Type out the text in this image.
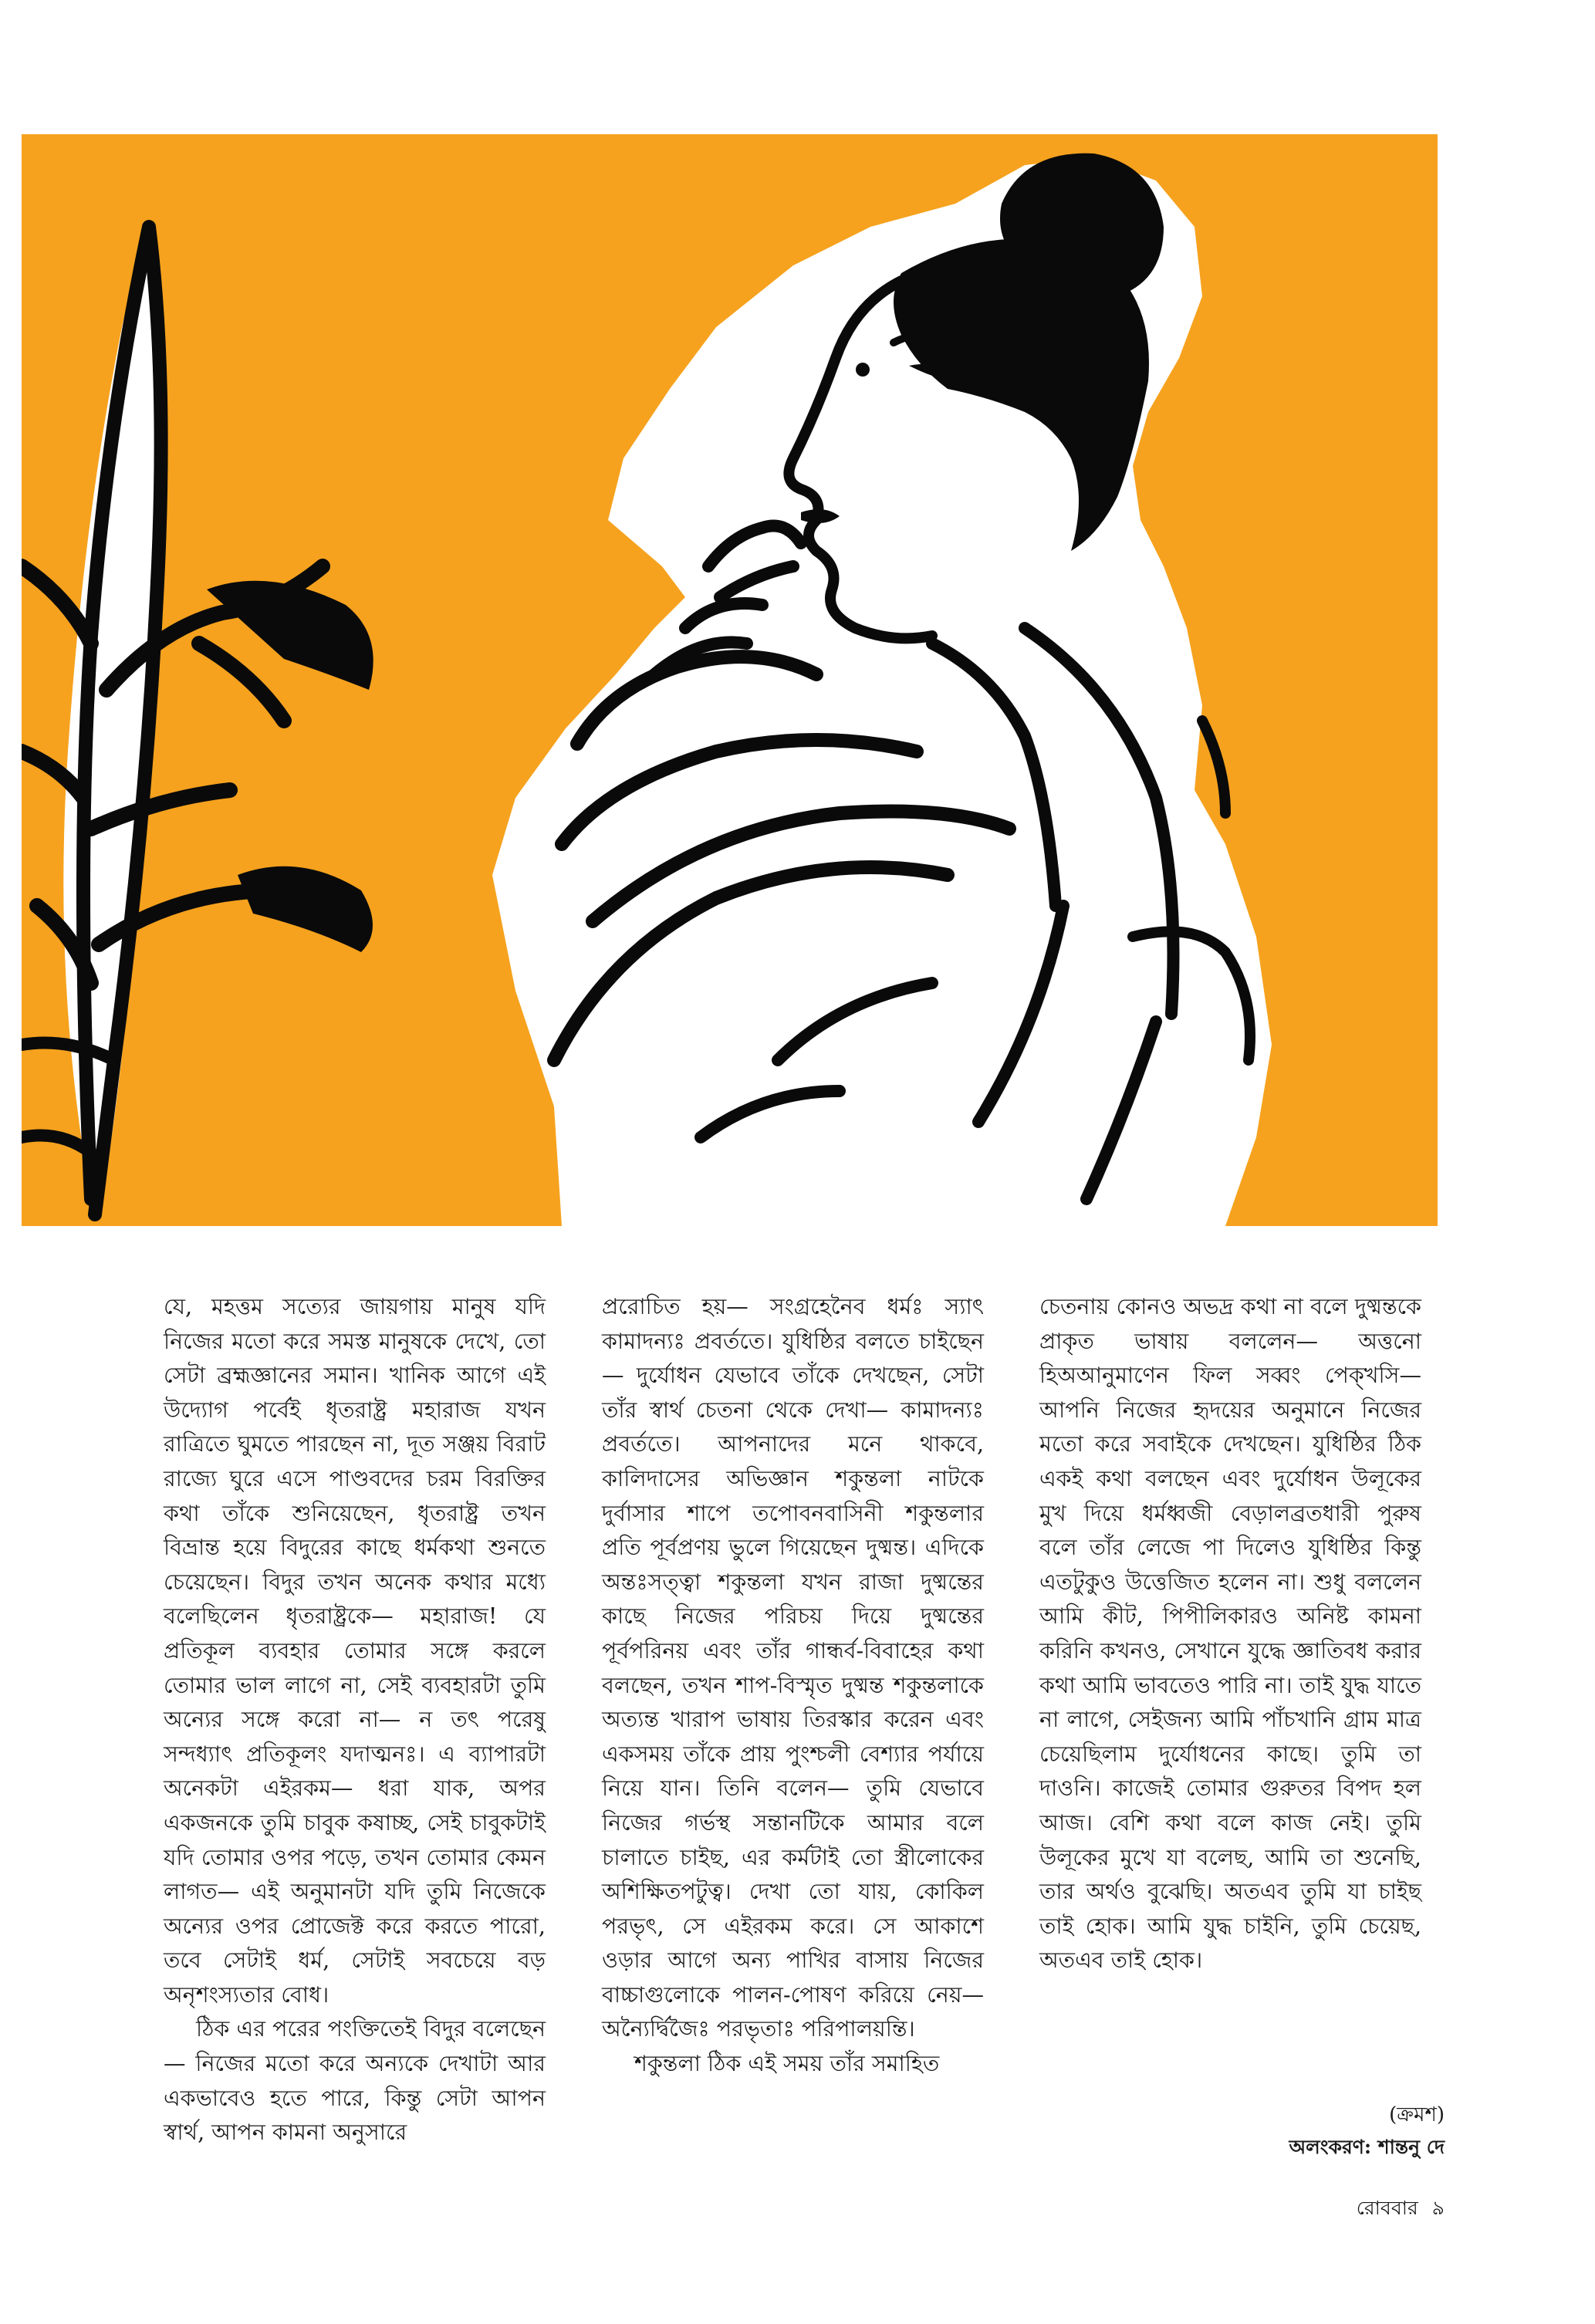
যে, মহত্তম সত্যের জায়গায় মানুষ যদি নিজের মতো করে সমস্ত মানুষকে দেখে, তো সেটা ব্রহ্মজ্ঞানের সমান। খানিক আগে এই উদ্যোগ পর্বেই ধৃতরাষ্ট্র মহারাজ যখন রাত্রিতে ঘুমতে পারছেন না, দূত সঞ্জয় বিরাট রাজ্যে ঘুরে এসে পাণ্ডবদের চরম বিরক্তির কথা তাঁকে শুনিয়েছেন, ধৃতরাষ্ট্র তখন বিভ্রান্ত হয়ে বিদুরের কাছে ধর্মকথা শুনতে চেয়েছেন। বিদুর তখন অনেক কথার মধ্যে বলেছিলেন ধৃতরাষ্ট্রকে— মহারাজ! যে প্রতিকূল ব্যবহার তোমার সঙ্গে করলে তোমার ভাল লাগে না, সেই ব্যবহারটা তুমি অন্যের সঙ্গে করো না— ন তৎ পরেষু সন্দধ্যাৎ প্রতিকূলং যদাত্মনঃ। এ ব্যাপারটা অনেকটা এইরকম— ধরা যাক, অপর একজনকে তুমি চাবুক কষাচ্ছ, সেই চাবুকটাই যদি তোমার ওপর পড়ে, তখন তোমার কেমন লাগত— এই অনুমানটা যদি তুমি নিজেকে অন্যের ওপর প্রোজেক্ট করে করতে পারো, তবে সেটাই ধর্ম, সেটাই সবচেয়ে বড় অনৃশংস্যতার বোধ।

ঠিক এর পরের পংক্তিতেই বিদুর বলেছেন— নিজের মতো করে অন্যকে দেখাটা আর একভাবেও হতে পারে, কিন্তু সেটা আপন স্বার্থ, আপন কামনা অনুসারে

প্ররোচিত হয়— সংগ্রহেনৈব ধর্মঃ স্যাৎ কামাদন্যঃ প্রবর্ততে। যুধিষ্ঠির বলতে চাইছেন— দুর্যোধন যেভাবে তাঁকে দেখছেন, সেটা তাঁর স্বার্থ চেতনা থেকে দেখা— কামাদন্যঃ প্রবর্ততে। আপনাদের মনে থাকবে, কালিদাসের অভিজ্ঞান শকুন্তলা নাটকে দুর্বাসার শাপে তপোবনবাসিনী শকুন্তলার প্রতি পূর্বপ্রণয় ভুলে গিয়েছেন দুষ্মন্ত। এদিকে অন্তঃসত্ত্বা শকুন্তলা যখন রাজা দুষ্মন্তের কাছে নিজের পরিচয় দিয়ে দুষ্মন্তের পূর্বপরিনয় এবং তাঁর গান্ধর্ব-বিবাহের কথা বলছেন, তখন শাপ-বিস্মৃত দুষ্মন্ত শকুন্তলাকে অত্যন্ত খারাপ ভাষায় তিরস্কার করেন এবং একসময় তাঁকে প্রায় পুংশ্চলী বেশ্যার পর্যায়ে নিয়ে যান। তিনি বলেন— তুমি যেভাবে নিজের গর্ভস্থ সন্তানটিকে আমার বলে চালাতে চাইছ, এর কর্মটাই তো স্ত্রীলোকের অশিক্ষিতপটুত্ব। দেখা তো যায়, কোকিল পরভৃৎ, সে এইরকম করে। সে আকাশে ওড়ার আগে অন্য পাখির বাসায় নিজের বাচ্চাগুলোকে পালন-পোষণ করিয়ে নেয়— অন্যৈর্দ্বিজৈঃ পরভৃতাঃ পরিপালয়ন্তি।

শকুন্তলা ঠিক এই সময় তাঁর সমাহিত

চেতনায় কোনও অভদ্র কথা না বলে দুষ্মন্তকে প্রাকৃত ভাষায় বললেন— অত্তনো হিঅআনুমাণেন ফিল সব্বং পেক্‌খসি— আপনি নিজের হৃদয়ের অনুমানে নিজের মতো করে সবাইকে দেখছেন। যুধিষ্ঠির ঠিক একই কথা বলছেন এবং দুর্যোধন উলূকের মুখ দিয়ে ধর্মধ্বজী বেড়ালব্রতধারী পুরুষ বলে তাঁর লেজে পা দিলেও যুধিষ্ঠির কিন্তু এতটুকুও উত্তেজিত হলেন না। শুধু বললেন আমি কীট, পিপীলিকারও অনিষ্ট কামনা করিনি কখনও, সেখানে যুদ্ধে জ্ঞাতিবধ করার কথা আমি ভাবতেও পারি না। তাই যুদ্ধ যাতে না লাগে, সেইজন্য আমি পাঁচখানি গ্রাম মাত্র চেয়েছিলাম দুর্যোধনের কাছে। তুমি তা দাওনি। কাজেই তোমার গুরুতর বিপদ হল আজ। বেশি কথা বলে কাজ নেই। তুমি উলূকের মুখে যা বলেছ, আমি তা শুনেছি, তার অর্থও বুঝেছি। অতএব তুমি যা চাইছ তাই হোক। আমি যুদ্ধ চাইনি, তুমি চেয়েছ, অতএব তাই হোক।

(ক্রমশ)
অলংকরণ: শান্তনু দে
রোববার ৯
